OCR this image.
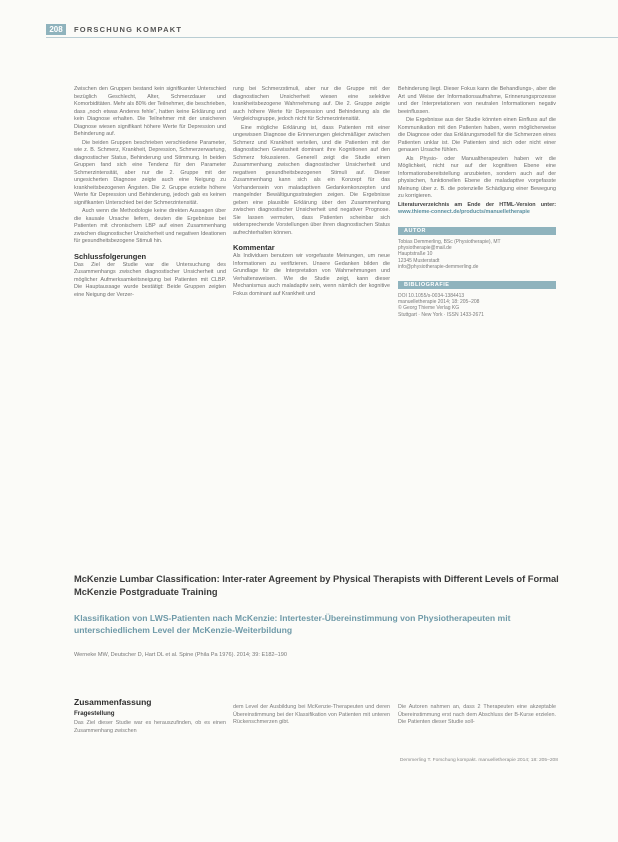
208	FORSCHUNG KOMPAKT

Zwischen den Gruppen bestand kein signifikanter Unterschied bezüglich Geschlecht, Alter, Schmerzdauer und Komorbiditäten. Mehr als 80% der Teilnehmer, die beschrieben, dass „noch etwas Anderes fehle“, hatten keine Erklärung und kein Diagnose erhalten. Die Teilnehmer mit der unsicheren Diagnose wiesen signifikant höhere Werte für Depression und Behinderung auf.

Die beiden Gruppen beschrieben verschiedene Parameter, wie z. B. Schmerz, Krankheit, Depression, Schmerzerwartung, diagnostischer Status, Behinderung und Stimmung. In beiden Gruppen fand sich eine Tendenz für den Parameter Schmerzintensität, aber nur die 2. Gruppe mit der ungesicherten Diagnose zeigte auch eine Neigung zu krankheitsbezogenen Ängsten. Die 2. Gruppe erzielte höhere Werte für Depression und Behinderung, jedoch gab es keinen signifikanten Unterschied bei der Schmerzintensität.

Auch wenn die Methodologie keine direkten Aussagen über die kausale Ursache liefern, deuten die Ergebnisse bei Patienten mit chronischem LBP auf einen Zusammenhang zwischen diagnostischer Unsicherheit und negativen Ideationen für gesundheitsbezogene Stimuli hin.

Schlussfolgerungen

Das Ziel der Studie war die Untersuchung des Zusammenhangs zwischen diagnostischer Unsicherheit und möglicher Aufmerksamkeitsneigung bei Patienten mit CLBP. Die Hauptaussage wurde bestätigt: Beide Gruppen zeigten eine Neigung der Verzer-

rung bei Schmerzstimuli, aber nur die Gruppe mit der diagnostischen Unsicherheit wiesen eine selektive krankheitsbezogene Wahrnehmung auf. Die 2. Gruppe zeigte auch höhere Werte für Depression und Behinderung als die Vergleichsgruppe, jedoch nicht für Schmerzintensität.

Eine mögliche Erklärung ist, dass Patienten mit einer ungewissen Diagnose die Erinnerungen gleichmäßiger zwischen Schmerz und Krankheit verteilen, und die Patienten mit der diagnostischen Gewissheit dominant ihre Kognitionen auf den Schmerz fokussieren. Generell zeigt die Studie einen Zusammenhang zwischen diagnostischer Unsicherheit und negativen gesundheitsbezogenen Stimuli auf. Dieser Zusammenhang kann sich als ein Konzept für das Vorhandensein von maladaptiven Gedankenkonzepten und mangelnder Bewältigungsstrategien zeigen. Die Ergebnisse geben eine plausible Erklärung über den Zusammenhang zwischen diagnostischer Unsicherheit und negativer Prognose. Sie lassen vermuten, dass Patienten scheinbar sich widersprechende Vorstellungen über ihren diagnostischen Status aufrechterhalten können.

Kommentar

Als Individuen benutzen wir vorgefasste Meinungen, um neue Informationen zu verifizieren. Unsere Gedanken bilden die Grundlage für die Interpretation von Wahrnehmungen und Verhaltensweisen. Wie die Studie zeigt, kann dieser Mechanismus auch maladaptiv sein, wenn nämlich der kognitive Fokus dominant auf Krankheit und

Behinderung liegt. Dieser Fokus kann die Behandlungs-, aber die Art und Weise der Informationsaufnahme, Erinnerungsprozesse und der Interpretationen von neutralen Informationen negativ beeinflussen.

Die Ergebnisse aus der Studie könnten einen Einfluss auf die Kommunikation mit den Patienten haben, wenn möglicherweise die Diagnose oder das Erklärungsmodell für die Schmerzen eines Patienten unklar ist. Die Patienten sind sich oder nicht einer genauen Ursache fühlen.

Als Physio- oder Manualtherapeuten haben wir die Möglichkeit, nicht nur auf der kognitiven Ebene eine Informationsbereitstellung anzubieten, sondern auch auf der physischen, funktionellen Ebene die maladaptive vorgefasste Meinung über z. B. die potenzielle Schädigung einer Bewegung zu korrigieren.

Literaturverzeichnis am Ende der HTML-Version unter: www.thieme-connect.de/products/manuelletherapie

AUTOR
Tobias Demmerling, BSc (Physiotherapie), MT
physiotherapie@mail.de
Hauptstraße 10
12345 Musterstadt
info@physiotherapie-demmerling.de
BIBLIOGRAFIE
DOI 10.1055/s-0034-1384413
manuelletherapie 2014; 18: 205–208
© Georg Thieme Verlag KG
Stuttgart · New York · ISSN 1433-2671
McKenzie Lumbar Classification: Inter-rater Agreement by Physical Therapists with Different Levels of Formal McKenzie Postgraduate Training
Klassifikation von LWS-Patienten nach McKenzie: Intertester-Übereinstimmung von Physiotherapeuten mit unterschiedlichem Level der McKenzie-Weiterbildung
Werneke MW, Deutscher D, Hart DL et al. Spine (Phila Pa 1976). 2014; 39: E182–190
Zusammenfassung
Fragestellung
Das Ziel dieser Studie war es herauszufinden, ob es einen Zusammenhang zwischen
dem Level der Ausbildung bei McKenzie-Therapeuten und deren Übereinstimmung bei der Klassifikation von Patienten mit unteren Rückenschmerzen gibt.
Die Autoren nahmen an, dass 2 Therapeuten eine akzeptable Übereinstimmung erst nach dem Abschluss der B-Kurse erzielen. Die Patienten dieser Studie soll-
Demmerling T. Forschung kompakt. manuelletherapie 2014; 18: 205–208
